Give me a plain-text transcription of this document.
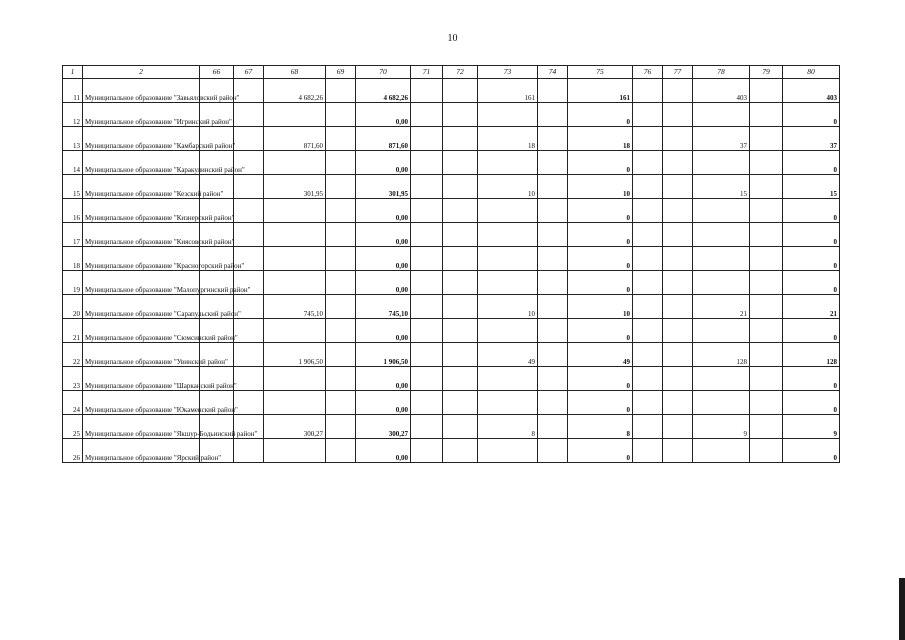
10
1	2	66	67	68	69	70	71	72	73	74	75	76	77	78	79	80
11	Муниципальное образование "Завьяловский район"			4 682,26		4 682,26			161		161			403		403
12	Муниципальное образование "Игринский район"					0,00					0					0
13	Муниципальное образование "Камбарский район"			871,60		871,60			18		18			37		37
14	Муниципальное образование "Каракулинский район"					0,00					0					0
15	Муниципальное образование "Кезский район"			301,95		301,95			10		10			15		15
16	Муниципальное образование "Кизнерский район"					0,00					0					0
17	Муниципальное образование "Киясовский район"					0,00					0					0
18	Муниципальное образование "Красногорский район"					0,00					0					0
19	Муниципальное образование "Малопургинский район"					0,00					0					0
20	Муниципальное образование "Сарапульский район"			745,10		745,10			10		10			21		21
21	Муниципальное образование "Сюмсинский район"					0,00					0					0
22	Муниципальное образование "Увинский район"			1 906,50		1 906,50			49		49			128		128
23	Муниципальное образование "Шарканский район"					0,00					0					0
24	Муниципальное образование "Юкаменский район"					0,00					0					0
25	Муниципальное образование "Якшур-Бодьинский район"			300,27		300,27			8		8			9		9
26	Муниципальное образование "Ярский район"					0,00					0					0
